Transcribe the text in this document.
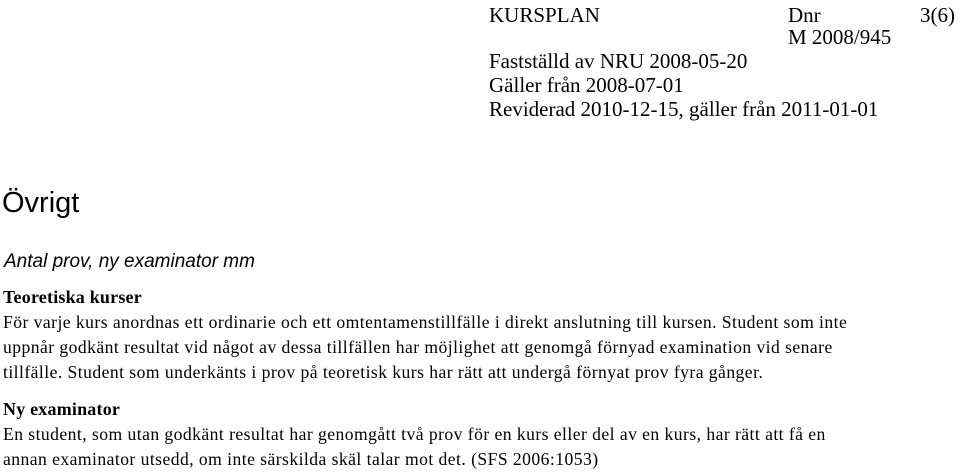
KURSPLAN	Dnr
M 2008/945
3(6)
Fastställd av NRU 2008-05-20
Gäller från 2008-07-01
Reviderad 2010-12-15, gäller från 2011-01-01
Övrigt
Antal prov, ny examinator mm
Teoretiska kurser
För varje kurs anordnas ett ordinarie och ett omtentamenstillfälle i direkt anslutning till kursen. Student som inte
uppnår godkänt resultat vid något av dessa tillfällen har möjlighet att genomgå förnyad examination vid senare
tillfälle. Student som underkänts i prov på teoretisk kurs har rätt att undergå förnyat prov fyra gånger.
Ny examinator
En student, som utan godkänt resultat har genomgått två prov för en kurs eller del av en kurs, har rätt att få en
annan examinator utsedd, om inte särskilda skäl talar mot det. (SFS 2006:1053)
